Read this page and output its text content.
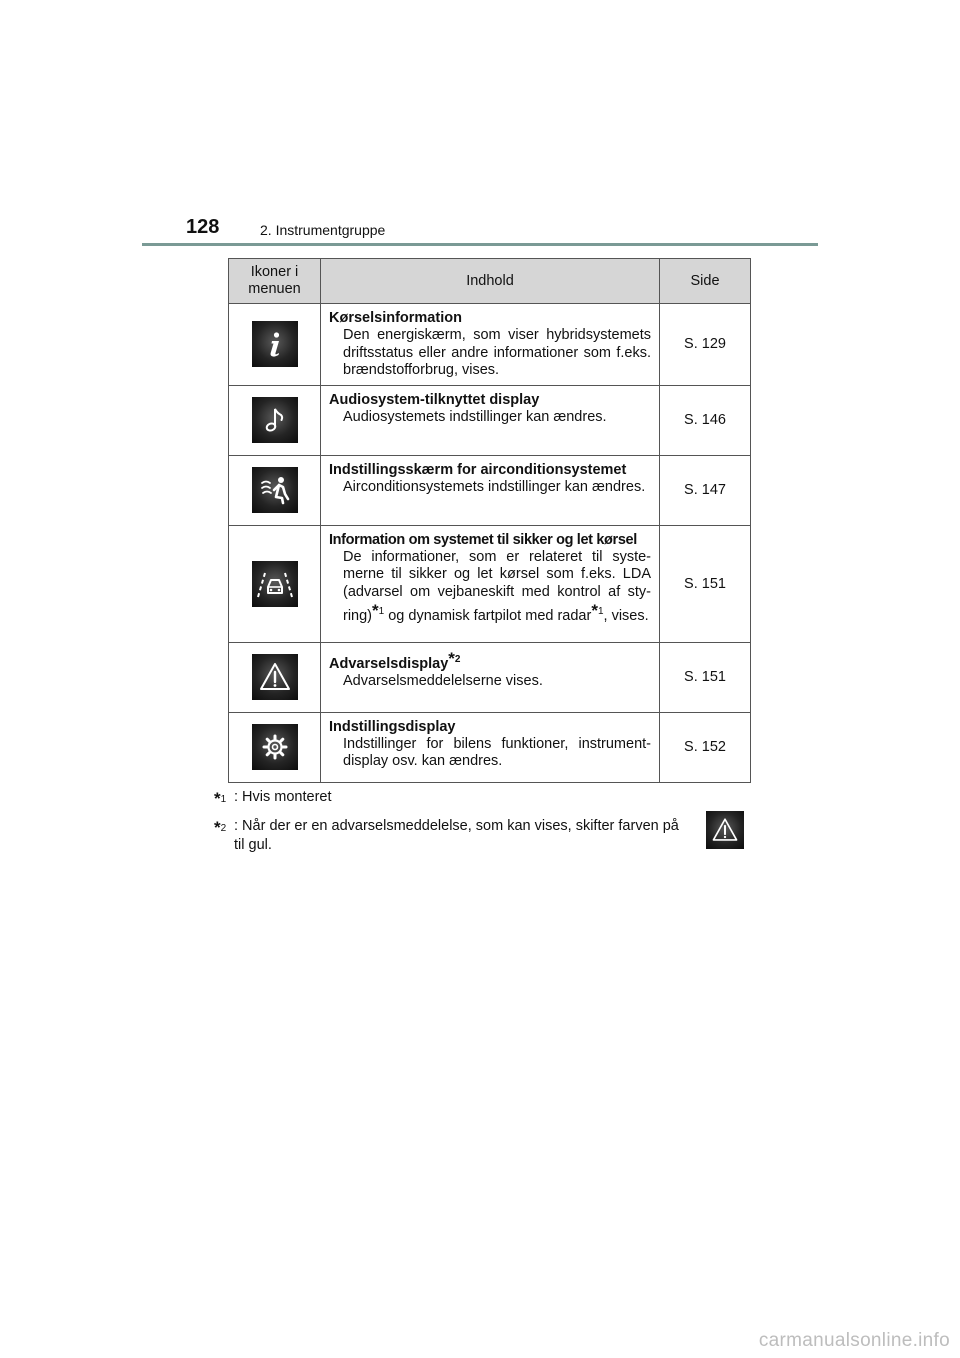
128	2. Instrumentgruppe
Ikoner i menuen	Indhold	Side

Kørselsinformation
Den energiskærm, som viser hybridsystemets driftsstatus eller andre informationer som f.eks. brændstofforbrug, vises.	S. 129

Audiosystem-tilknyttet display
Audiosystemets indstillinger kan ændres.	S. 146

Indstillingsskærm for airconditionsystemet
Airconditionsystemets indstillinger kan ændres.	S. 147

Information om systemet til sikker og let kørsel
De informationer, som er relateret til syste-merne til sikker og let kørsel som f.eks. LDA (advarsel om vejbaneskift med kontrol af sty-ring)*$^1$ og dynamisk fartpilot med radar*$^1$, vises.	S. 151

Advarselsdisplay*$^2$
Advarselsmeddelelserne vises.	S. 151

Indstillingsdisplay
Indstillinger for bilens funktioner, instrument-display osv. kan ændres.	S. 152
*$^1$ : Hvis monteret
*$^2$ : Når der er en advarselsmeddelelse, som kan vises, skifter farven på
til gul.
carmanualsonline.info
